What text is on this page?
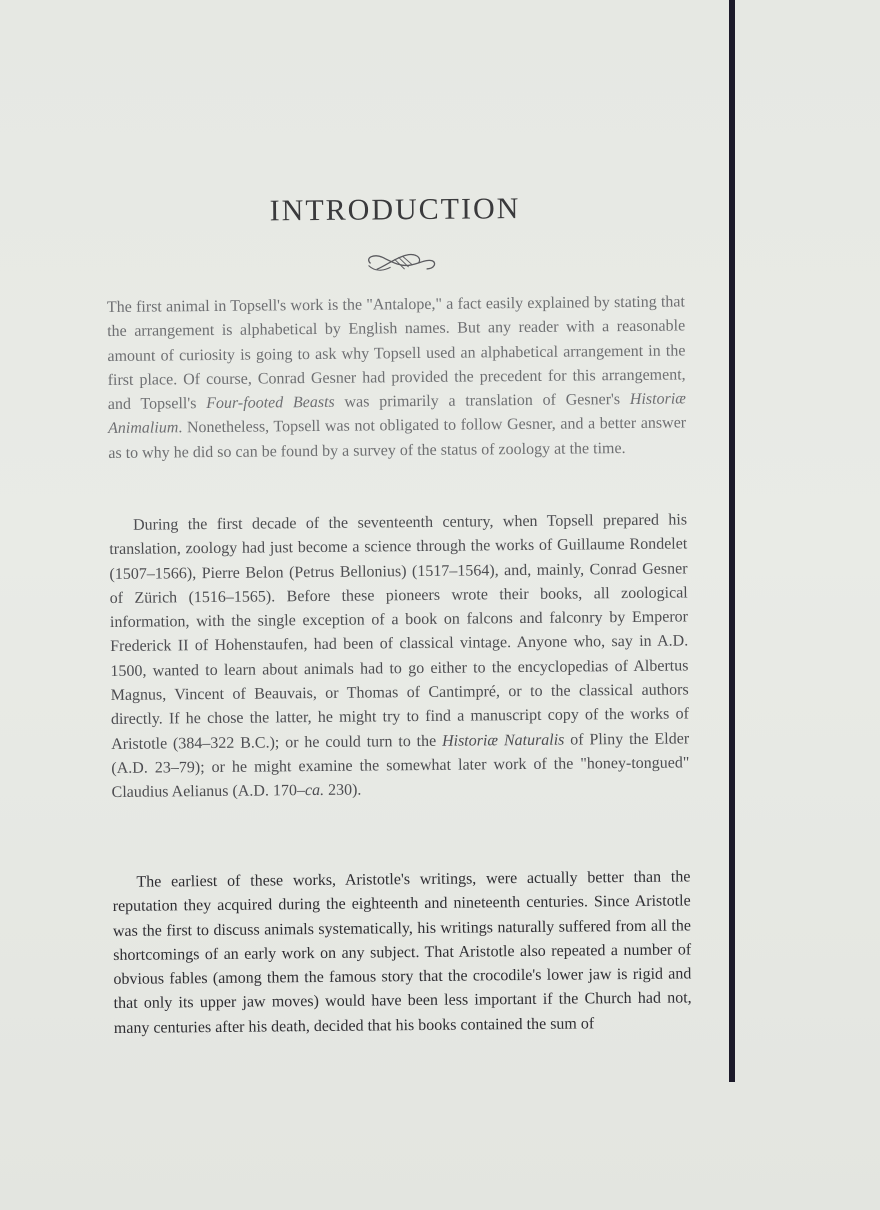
INTRODUCTION

The first animal in Topsell's work is the "Antalope," a fact easily explained by stating that the arrangement is alphabetical by English names. But any reader with a reasonable amount of curiosity is going to ask why Topsell used an alphabetical arrangement in the first place. Of course, Conrad Gesner had provided the precedent for this arrangement, and Topsell's Four-footed Beasts was primarily a translation of Gesner's Historiæ Animalium. Nonetheless, Topsell was not obligated to follow Gesner, and a better answer as to why he did so can be found by a survey of the status of zoology at the time.

During the first decade of the seventeenth century, when Topsell prepared his translation, zoology had just become a science through the works of Guillaume Rondelet (1507–1566), Pierre Belon (Petrus Bellonius) (1517–1564), and, mainly, Conrad Gesner of Zürich (1516–1565). Before these pioneers wrote their books, all zoological information, with the single exception of a book on falcons and falconry by Emperor Frederick II of Hohenstaufen, had been of classical vintage. Anyone who, say in A.D. 1500, wanted to learn about animals had to go either to the encyclopedias of Albertus Magnus, Vincent of Beauvais, or Thomas of Cantimpré, or to the classical authors directly. If he chose the latter, he might try to find a manuscript copy of the works of Aristotle (384–322 B.C.); or he could turn to the Historiæ Naturalis of Pliny the Elder (A.D. 23–79); or he might examine the somewhat later work of the "honey-tongued" Claudius Aelianus (A.D. 170–ca. 230).

The earliest of these works, Aristotle's writings, were actually better than the reputation they acquired during the eighteenth and nineteenth centuries. Since Aristotle was the first to discuss animals systematically, his writings naturally suffered from all the shortcomings of an early work on any subject. That Aristotle also repeated a number of obvious fables (among them the famous story that the crocodile's lower jaw is rigid and that only its upper jaw moves) would have been less important if the Church had not, many centuries after his death, decided that his books contained the sum of
